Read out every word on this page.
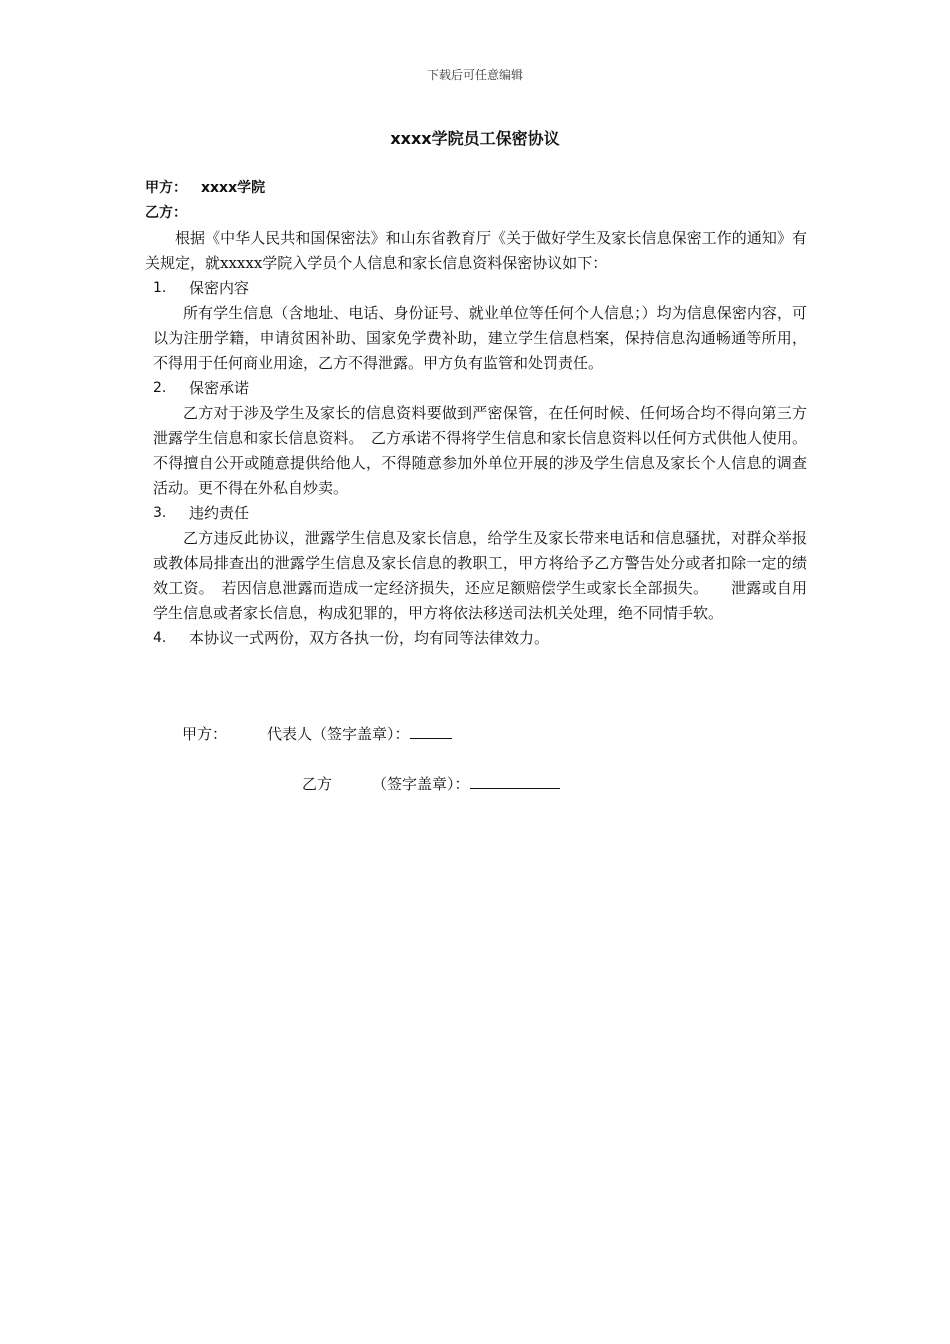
下载后可任意编辑
xxxx学院员工保密协议
甲方： xxxx学院
乙方：

根据《中华人民共和国保密法》和山东省教育厅《关于做好学生及家长信息保密工作的通知》有关规定，就xxxxx学院入学员个人信息和家长信息资料保密协议如下：

1.	保密内容

所有学生信息（含地址、电话、身份证号、就业单位等任何个人信息；）均为信息保密内容，可以为注册学籍，申请贫困补助、国家免学费补助，建立学生信息档案，保持信息沟通畅通等所用，不得用于任何商业用途，乙方不得泄露。甲方负有监管和处罚责任。

2.	保密承诺

乙方对于涉及学生及家长的信息资料要做到严密保管，在任何时候、任何场合均不得向第三方泄露学生信息和家长信息资料。　乙方承诺不得将学生信息和家长信息资料以任何方式供他人使用。不得擅自公开或随意提供给他人，不得随意参加外单位开展的涉及学生信息及家长个人信息的调查活动。更不得在外私自炒卖。

3.	违约责任

乙方违反此协议，泄露学生信息及家长信息，给学生及家长带来电话和信息骚扰，对群众举报或教体局排查出的泄露学生信息及家长信息的教职工，甲方将给予乙方警告处分或者扣除一定的绩效工资。　若因信息泄露而造成一定经济损失，还应足额赔偿学生或家长全部损失。　　泄露或自用学生信息或者家长信息，构成犯罪的，甲方将依法移送司法机关处理，绝不同情手软。

4.	本协议一式两份，双方各执一份，均有同等法律效力。
甲方：	代表人（签字盖章）：
乙方	（签字盖章）：
